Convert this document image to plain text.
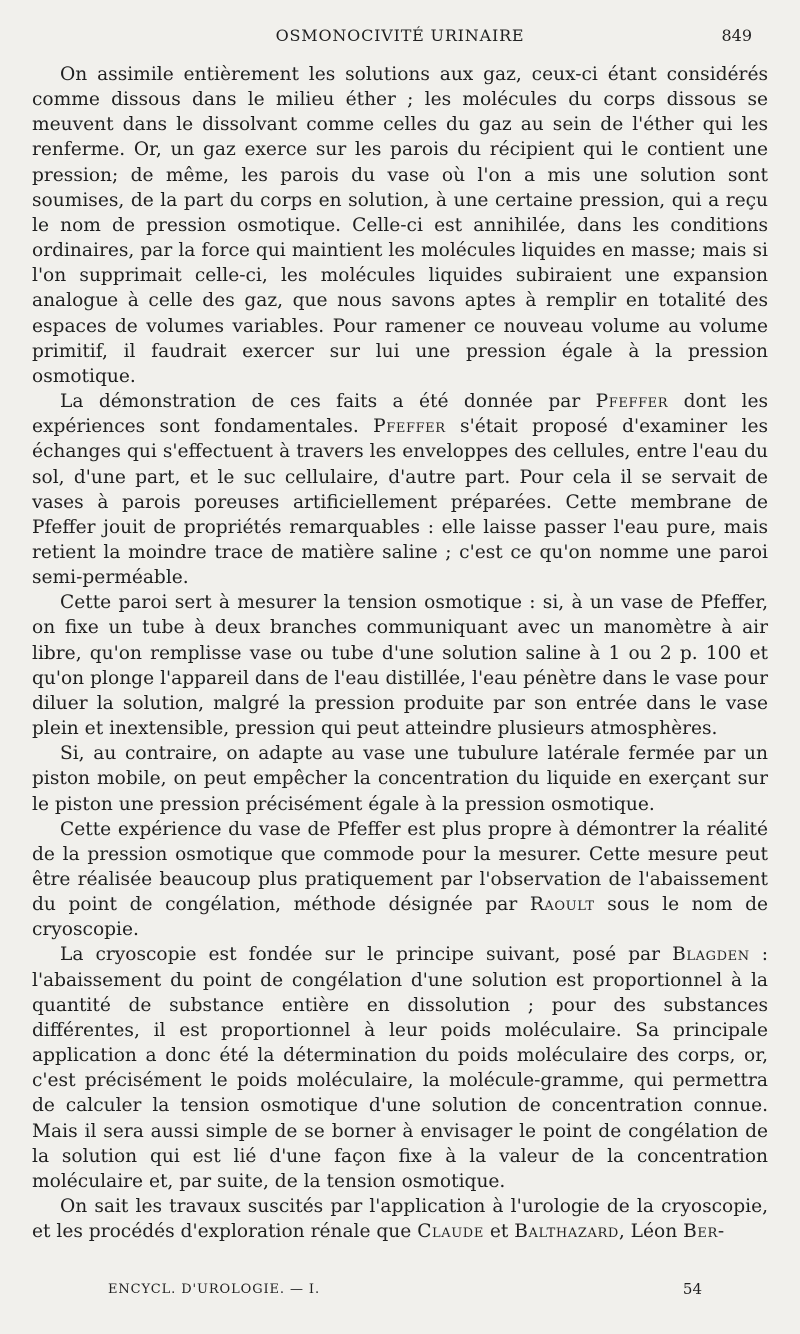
OSMONOCIVITÉ URINAIRE	849

On assimile entièrement les solutions aux gaz, ceux-ci étant considérés comme dissous dans le milieu éther ; les molécules du corps dissous se meuvent dans le dissolvant comme celles du gaz au sein de l'éther qui les renferme. Or, un gaz exerce sur les parois du récipient qui le contient une pression; de même, les parois du vase où l'on a mis une solution sont soumises, de la part du corps en solution, à une certaine pression, qui a reçu le nom de pression osmotique. Celle-ci est annihilée, dans les conditions ordinaires, par la force qui maintient les molécules liquides en masse; mais si l'on supprimait celle-ci, les molécules liquides subiraient une expansion analogue à celle des gaz, que nous savons aptes à remplir en totalité des espaces de volumes variables. Pour ramener ce nouveau volume au volume primitif, il faudrait exercer sur lui une pression égale à la pression osmotique.

La démonstration de ces faits a été donnée par Pfeffer dont les expériences sont fondamentales. Pfeffer s'était proposé d'examiner les échanges qui s'effectuent à travers les enveloppes des cellules, entre l'eau du sol, d'une part, et le suc cellulaire, d'autre part. Pour cela il se servait de vases à parois poreuses artificiellement préparées. Cette membrane de Pfeffer jouit de propriétés remarquables : elle laisse passer l'eau pure, mais retient la moindre trace de matière saline ; c'est ce qu'on nomme une paroi semi-perméable.

Cette paroi sert à mesurer la tension osmotique : si, à un vase de Pfeffer, on fixe un tube à deux branches communiquant avec un manomètre à air libre, qu'on remplisse vase ou tube d'une solution saline à 1 ou 2 p. 100 et qu'on plonge l'appareil dans de l'eau distillée, l'eau pénètre dans le vase pour diluer la solution, malgré la pression produite par son entrée dans le vase plein et inextensible, pression qui peut atteindre plusieurs atmosphères.

Si, au contraire, on adapte au vase une tubulure latérale fermée par un piston mobile, on peut empêcher la concentration du liquide en exerçant sur le piston une pression précisément égale à la pression osmotique.

Cette expérience du vase de Pfeffer est plus propre à démontrer la réalité de la pression osmotique que commode pour la mesurer. Cette mesure peut être réalisée beaucoup plus pratiquement par l'observation de l'abaissement du point de congélation, méthode désignée par Raoult sous le nom de cryoscopie.

La cryoscopie est fondée sur le principe suivant, posé par Blagden : l'abaissement du point de congélation d'une solution est proportionnel à la quantité de substance entière en dissolution ; pour des substances différentes, il est proportionnel à leur poids moléculaire. Sa principale application a donc été la détermination du poids moléculaire des corps, or, c'est précisément le poids moléculaire, la molécule-gramme, qui permettra de calculer la tension osmotique d'une solution de concentration connue. Mais il sera aussi simple de se borner à envisager le point de congélation de la solution qui est lié d'une façon fixe à la valeur de la concentration moléculaire et, par suite, de la tension osmotique.

On sait les travaux suscités par l'application à l'urologie de la cryoscopie, et les procédés d'exploration rénale que Claude et Balthazard, Léon Ber-

ENCYCL. D'UROLOGIE. — I.	54
